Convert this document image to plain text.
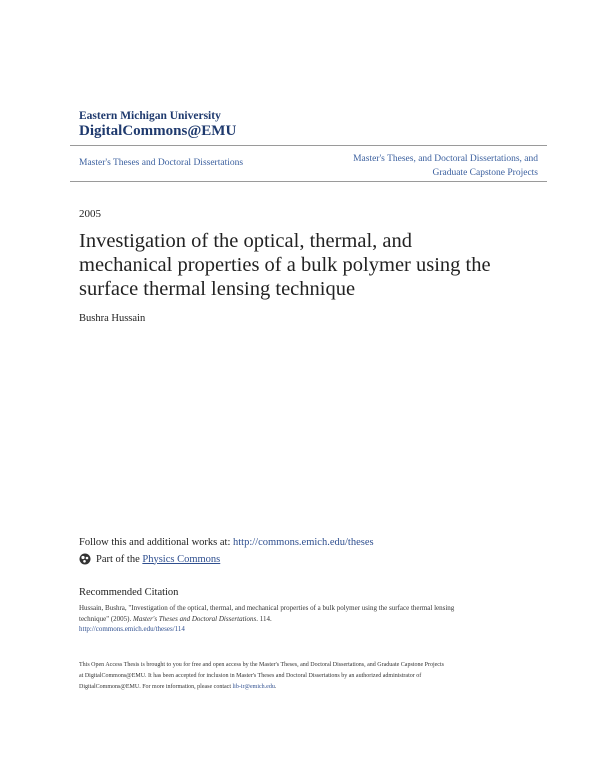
Eastern Michigan University
DigitalCommons@EMU
Master's Theses and Doctoral Dissertations	Master's Theses, and Doctoral Dissertations, and
Graduate Capstone Projects
2005
Investigation of the optical, thermal, and
mechanical properties of a bulk polymer using the
surface thermal lensing technique
Bushra Hussain
Follow this and additional works at: http://commons.emich.edu/theses
Part of the
Physics Commons
Recommended Citation
Hussain, Bushra, "Investigation of the optical, thermal, and mechanical properties of a bulk polymer using the surface thermal lensing
technique" (2005). Master's Theses and Doctoral Dissertations. 114.
http://commons.emich.edu/theses/114
This Open Access Thesis is brought to you for free and open access by the Master's Theses, and Doctoral Dissertations, and Graduate Capstone Projects
at DigitalCommons@EMU. It has been accepted for inclusion in Master's Theses and Doctoral Dissertations by an authorized administrator of
DigitalCommons@EMU. For more information, please contact lib-ir@emich.edu.
